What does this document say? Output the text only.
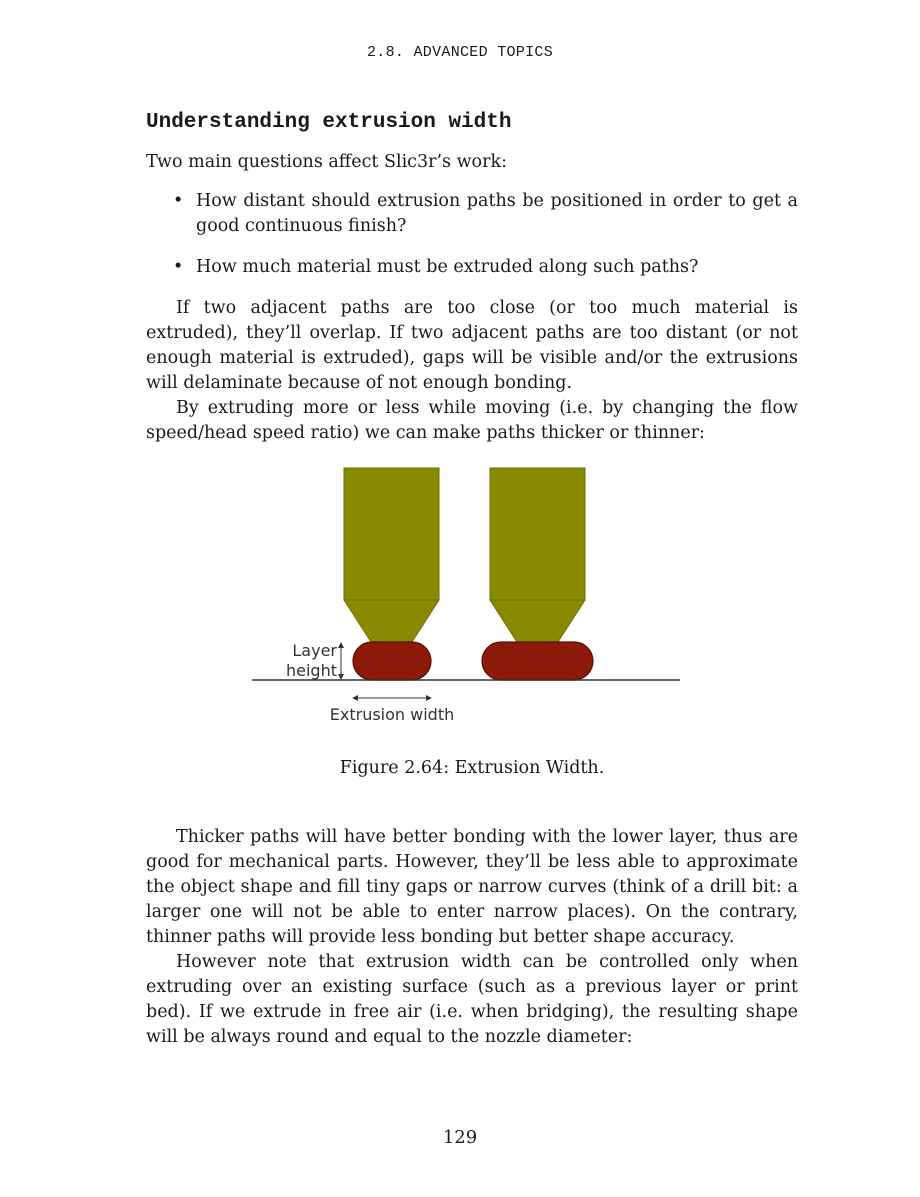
2.8. ADVANCED TOPICS
Understanding extrusion width

Two main questions affect Slic3r’s work:

• How distant should extrusion paths be positioned in order to get a good continuous finish?
• How much material must be extruded along such paths?

If two adjacent paths are too close (or too much material is extruded), they’ll overlap. If two adjacent paths are too distant (or not enough material is extruded), gaps will be visible and/or the extrusions will delaminate because of not enough bonding.

By extruding more or less while moving (i.e. by changing the flow speed/head speed ratio) we can make paths thicker or thinner:

Layer
height
Extrusion width
Figure 2.64: Extrusion Width.

Thicker paths will have better bonding with the lower layer, thus are good for mechanical parts. However, they’ll be less able to approximate the object shape and fill tiny gaps or narrow curves (think of a drill bit: a larger one will not be able to enter narrow places). On the contrary, thinner paths will provide less bonding but better shape accuracy.

However note that extrusion width can be controlled only when extruding over an existing surface (such as a previous layer or print bed). If we extrude in free air (i.e. when bridging), the resulting shape will be always round and equal to the nozzle diameter:

129
